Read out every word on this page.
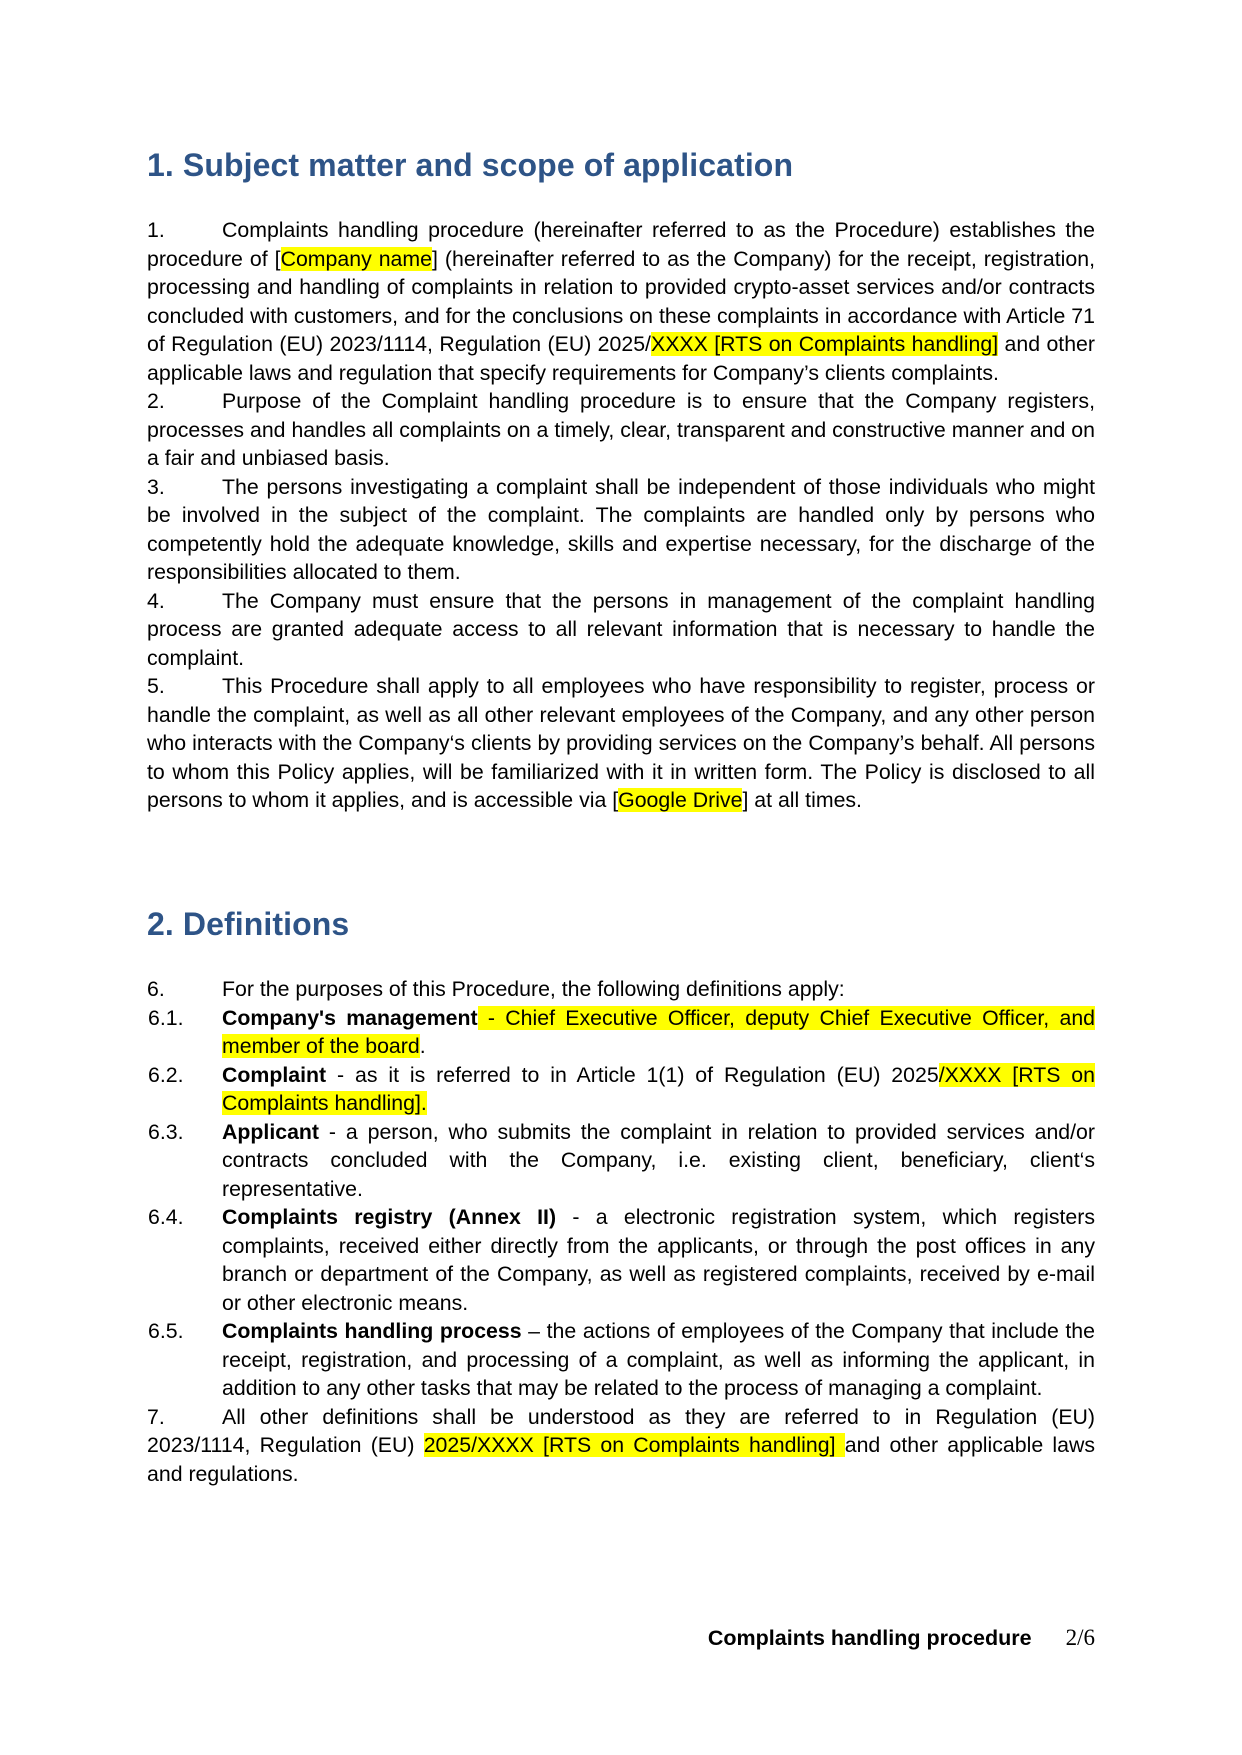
1. Subject matter and scope of application

1.	Complaints handling procedure (hereinafter referred to as the Procedure) establishes the procedure of [Company name] (hereinafter referred to as the Company) for the receipt, registration, processing and handling of complaints in relation to provided crypto-asset services and/or contracts concluded with customers, and for the conclusions on these complaints in accordance with Article 71 of Regulation (EU) 2023/1114, Regulation (EU) 2025/XXXX [RTS on Complaints handling] and other applicable laws and regulation that specify requirements for Company’s clients complaints.

2.	Purpose of the Complaint handling procedure is to ensure that the Company registers, processes and handles all complaints on a timely, clear, transparent and constructive manner and on a fair and unbiased basis.

3.	The persons investigating a complaint shall be independent of those individuals who might be involved in the subject of the complaint. The complaints are handled only by persons who competently hold the adequate knowledge, skills and expertise necessary, for the discharge of the responsibilities allocated to them.

4.	The Company must ensure that the persons in management of the complaint handling process are granted adequate access to all relevant information that is necessary to handle the complaint.

5.	This Procedure shall apply to all employees who have responsibility to register, process or handle the complaint, as well as all other relevant employees of the Company, and any other person who interacts with the Company‘s clients by providing services on the Company’s behalf. All persons to whom this Policy applies, will be familiarized with it in written form. The Policy is disclosed to all persons to whom it applies, and is accessible via [Google Drive] at all times.

2. Definitions

6.	For the purposes of this Procedure, the following definitions apply:

6.1. Company's management - Chief Executive Officer, deputy Chief Executive Officer, and member of the board.

6.2. Complaint - as it is referred to in Article 1(1) of Regulation (EU) 2025/XXXX [RTS on Complaints handling].

6.3. Applicant - a person, who submits the complaint in relation to provided services and/or contracts concluded with the Company, i.e. existing client, beneficiary, client‘s representative.

6.4. Complaints registry (Annex II) - a electronic registration system, which registers complaints, received either directly from the applicants, or through the post offices in any branch or department of the Company, as well as registered complaints, received by e-mail or other electronic means.

6.5. Complaints handling process – the actions of employees of the Company that include the receipt, registration, and processing of a complaint, as well as informing the applicant, in addition to any other tasks that may be related to the process of managing a complaint.

7.	All other definitions shall be understood as they are referred to in Regulation (EU) 2023/1114, Regulation (EU) 2025/XXXX [RTS on Complaints handling] and other applicable laws and regulations.

Complaints handling procedure 2/6
